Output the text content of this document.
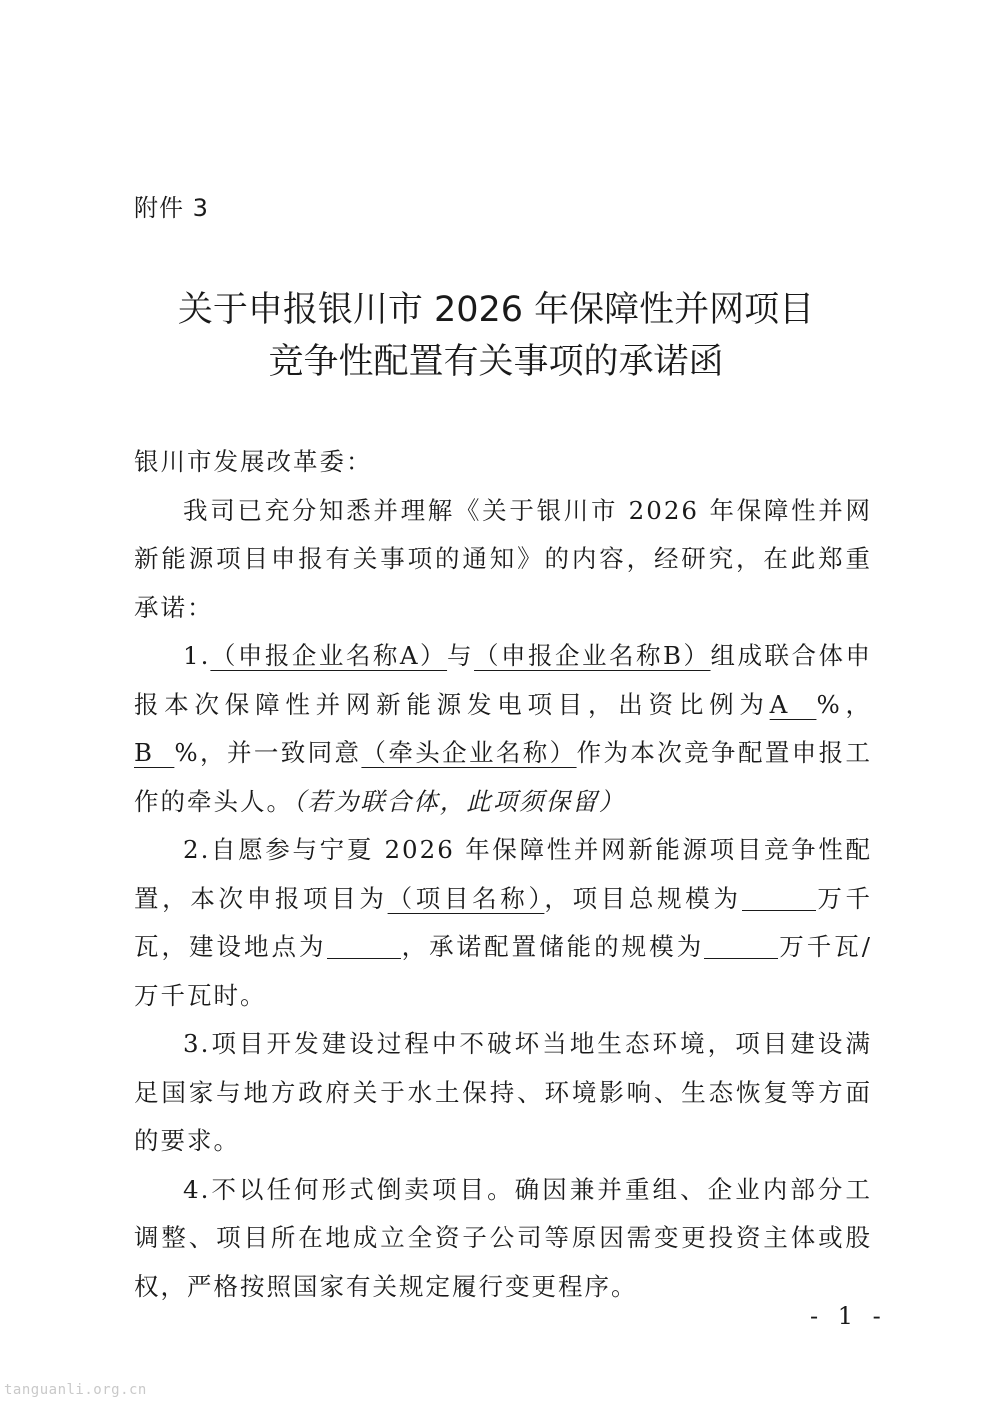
附件 3
关于申报银川市 2026 年保障性并网项目
竞争性配置有关事项的承诺函

银川市发展改革委：

我司已充分知悉并理解《关于银川市 2026 年保障性并网新能源项目申报有关事项的通知》的内容，经研究，在此郑重承诺：

1.（申报企业名称A）与（申报企业名称B）组成联合体申报本次保障性并网新能源发电项目，出资比例为A  %，B  %，并一致同意（牵头企业名称）作为本次竞争配置申报工作的牵头人。（若为联合体，此项须保留）

2.自愿参与宁夏 2026 年保障性并网新能源项目竞争性配置，本次申报项目为（项目名称），项目总规模为	万千瓦，建设地点为	，承诺配置储能的规模为	万千瓦/万千瓦时。

3.项目开发建设过程中不破坏当地生态环境，项目建设满足国家与地方政府关于水土保持、环境影响、生态恢复等方面的要求。

4.不以任何形式倒卖项目。确因兼并重组、企业内部分工调整、项目所在地成立全资子公司等原因需变更投资主体或股权，严格按照国家有关规定履行变更程序。

- 1 -
tanguanli.org.cn
